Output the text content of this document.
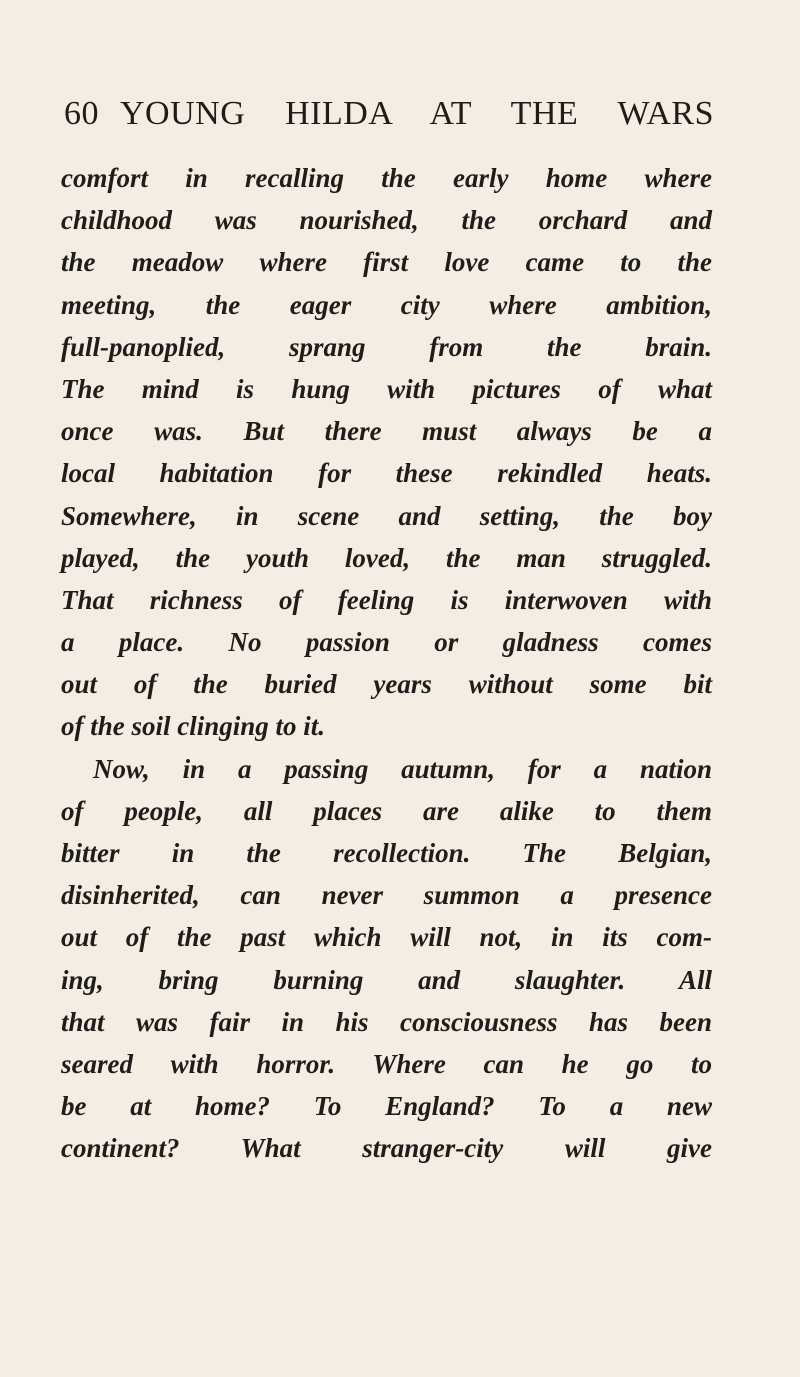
60 YOUNG HILDA AT THE WARS
comfort in recalling the early home where
childhood was nourished, the orchard and
the meadow where first love came to the
meeting, the eager city where ambition,
full-panoplied, sprang from the brain.
The mind is hung with pictures of what
once was. But there must always be a
local habitation for these rekindled heats.
Somewhere, in scene and setting, the boy
played, the youth loved, the man struggled.
That richness of feeling is interwoven with
a place. No passion or gladness comes
out of the buried years without some bit
of the soil clinging to it.
Now, in a passing autumn, for a nation
of people, all places are alike to them
bitter in the recollection. The Belgian,
disinherited, can never summon a presence
out of the past which will not, in its com-
ing, bring burning and slaughter. All
that was fair in his consciousness has been
seared with horror. Where can he go to
be at home? To England? To a new
continent? What stranger-city will give
